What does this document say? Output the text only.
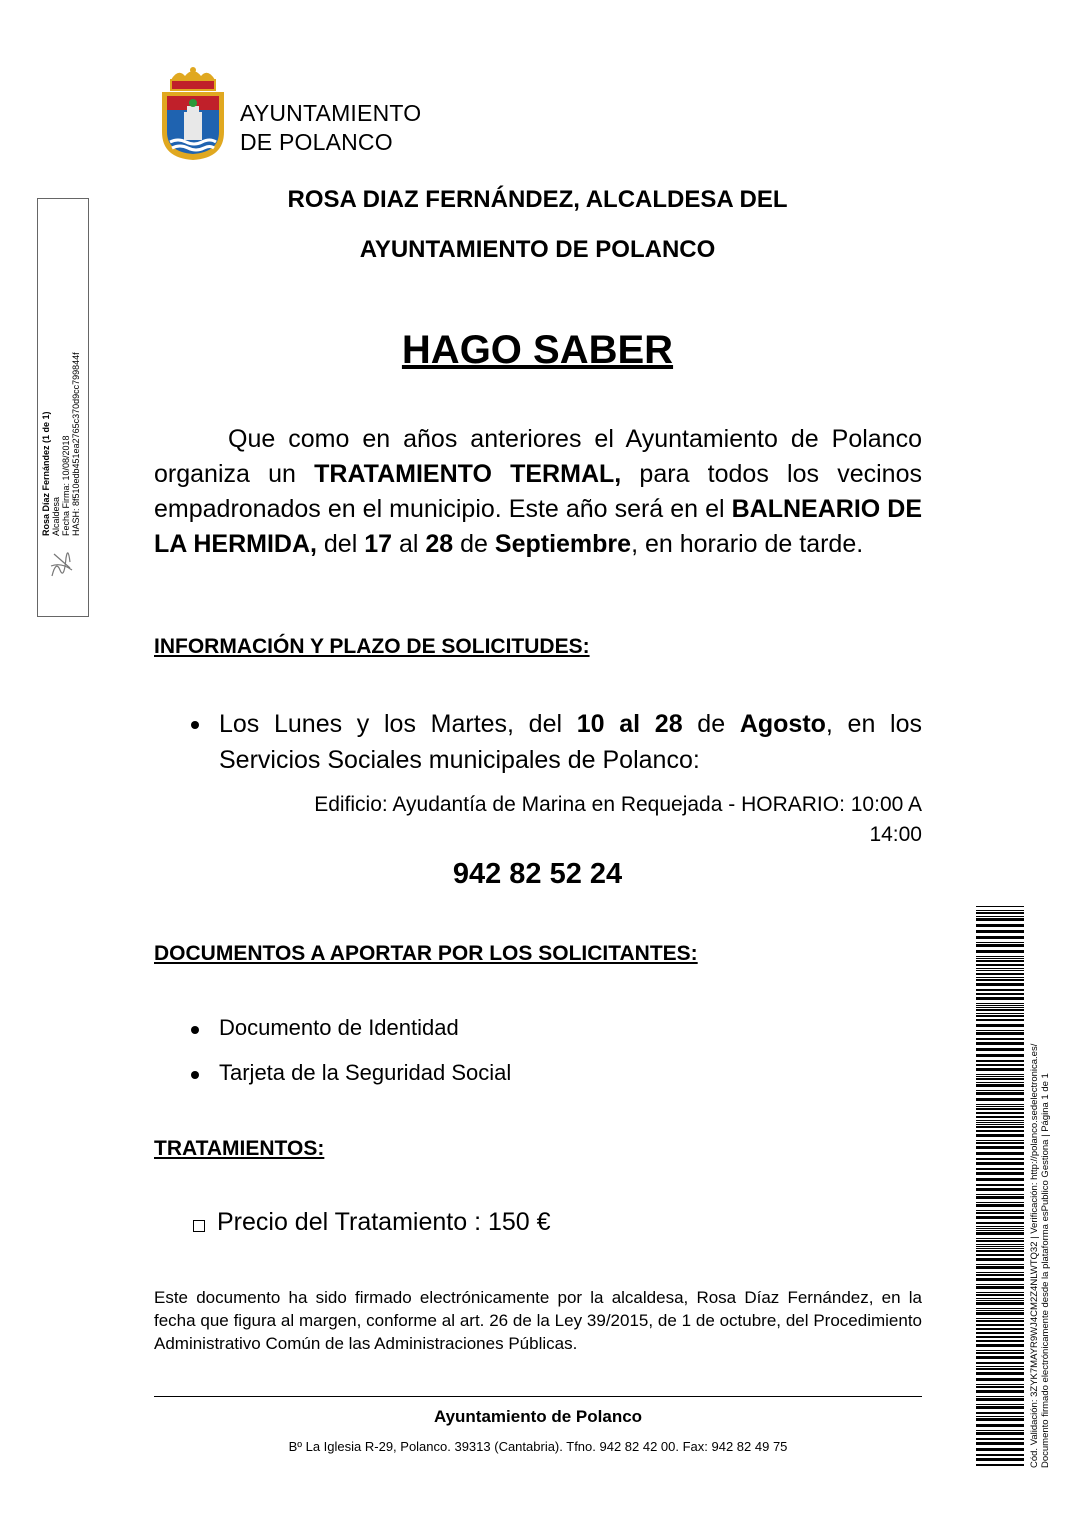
AYUNTAMIENTO
DE POLANCO
ROSA DIAZ FERNÁNDEZ, ALCALDESA DEL
AYUNTAMIENTO DE POLANCO
HAGO SABER
Que como en años anteriores el Ayuntamiento de Polanco organiza un TRATAMIENTO TERMAL, para todos los vecinos empadronados en el municipio. Este año será en el BALNEARIO DE LA HERMIDA, del 17 al 28 de Septiembre, en horario de tarde.
INFORMACIÓN Y PLAZO DE SOLICITUDES:
Los Lunes y los Martes, del 10 al 28 de Agosto, en los Servicios Sociales municipales de Polanco:
Edificio: Ayudantía de Marina en Requejada - HORARIO: 10:00 A
14:00
942 82 52 24
DOCUMENTOS A APORTAR POR LOS SOLICITANTES:
Documento de Identidad
Tarjeta de la Seguridad Social
TRATAMIENTOS:
Precio del Tratamiento : 150 €
Este documento ha sido firmado electrónicamente por la alcaldesa, Rosa Díaz Fernández, en la fecha que figura al margen, conforme al art. 26 de la Ley 39/2015, de 1 de octubre, del Procedimiento Administrativo Común de las Administraciones Públicas.
Ayuntamiento de Polanco
Bº La Iglesia R-29, Polanco. 39313 (Cantabria). Tfno. 942 82 42 00. Fax: 942 82 49 75
Rosa Díaz Fernández (1 de 1) Alcaldesa Fecha Firma: 10/08/2018 HASH: 8f510edb451ea2765c370d9cc799844f
Cód. Validación: 3ZYK7MAYR9WJ4CM2Z4NLWTQ32 | Verificación: http://polanco.sedelectronica.es/ Documento firmado electrónicamente desde la plataforma esPublico Gestiona | Página 1 de 1
